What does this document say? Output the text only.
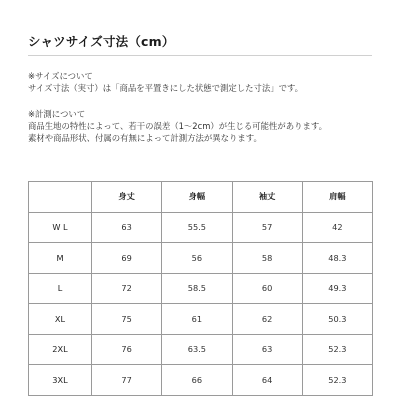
シャツサイズ寸法（cm）

※サイズについて

サイズ寸法（実寸）は「商品を平置きにした状態で測定した寸法」です。

※計測について

商品生地の特性によって、若干の誤差（1〜2cm）が生じる可能性があります。

素材や商品形状、付属の有無によって計測方法が異なります。

	身丈	身幅	袖丈	肩幅
W L	63	55.5	57	42
M	69	56	58	48.3
L	72	58.5	60	49.3
XL	75	61	62	50.3
2XL	76	63.5	63	52.3
3XL	77	66	64	52.3
